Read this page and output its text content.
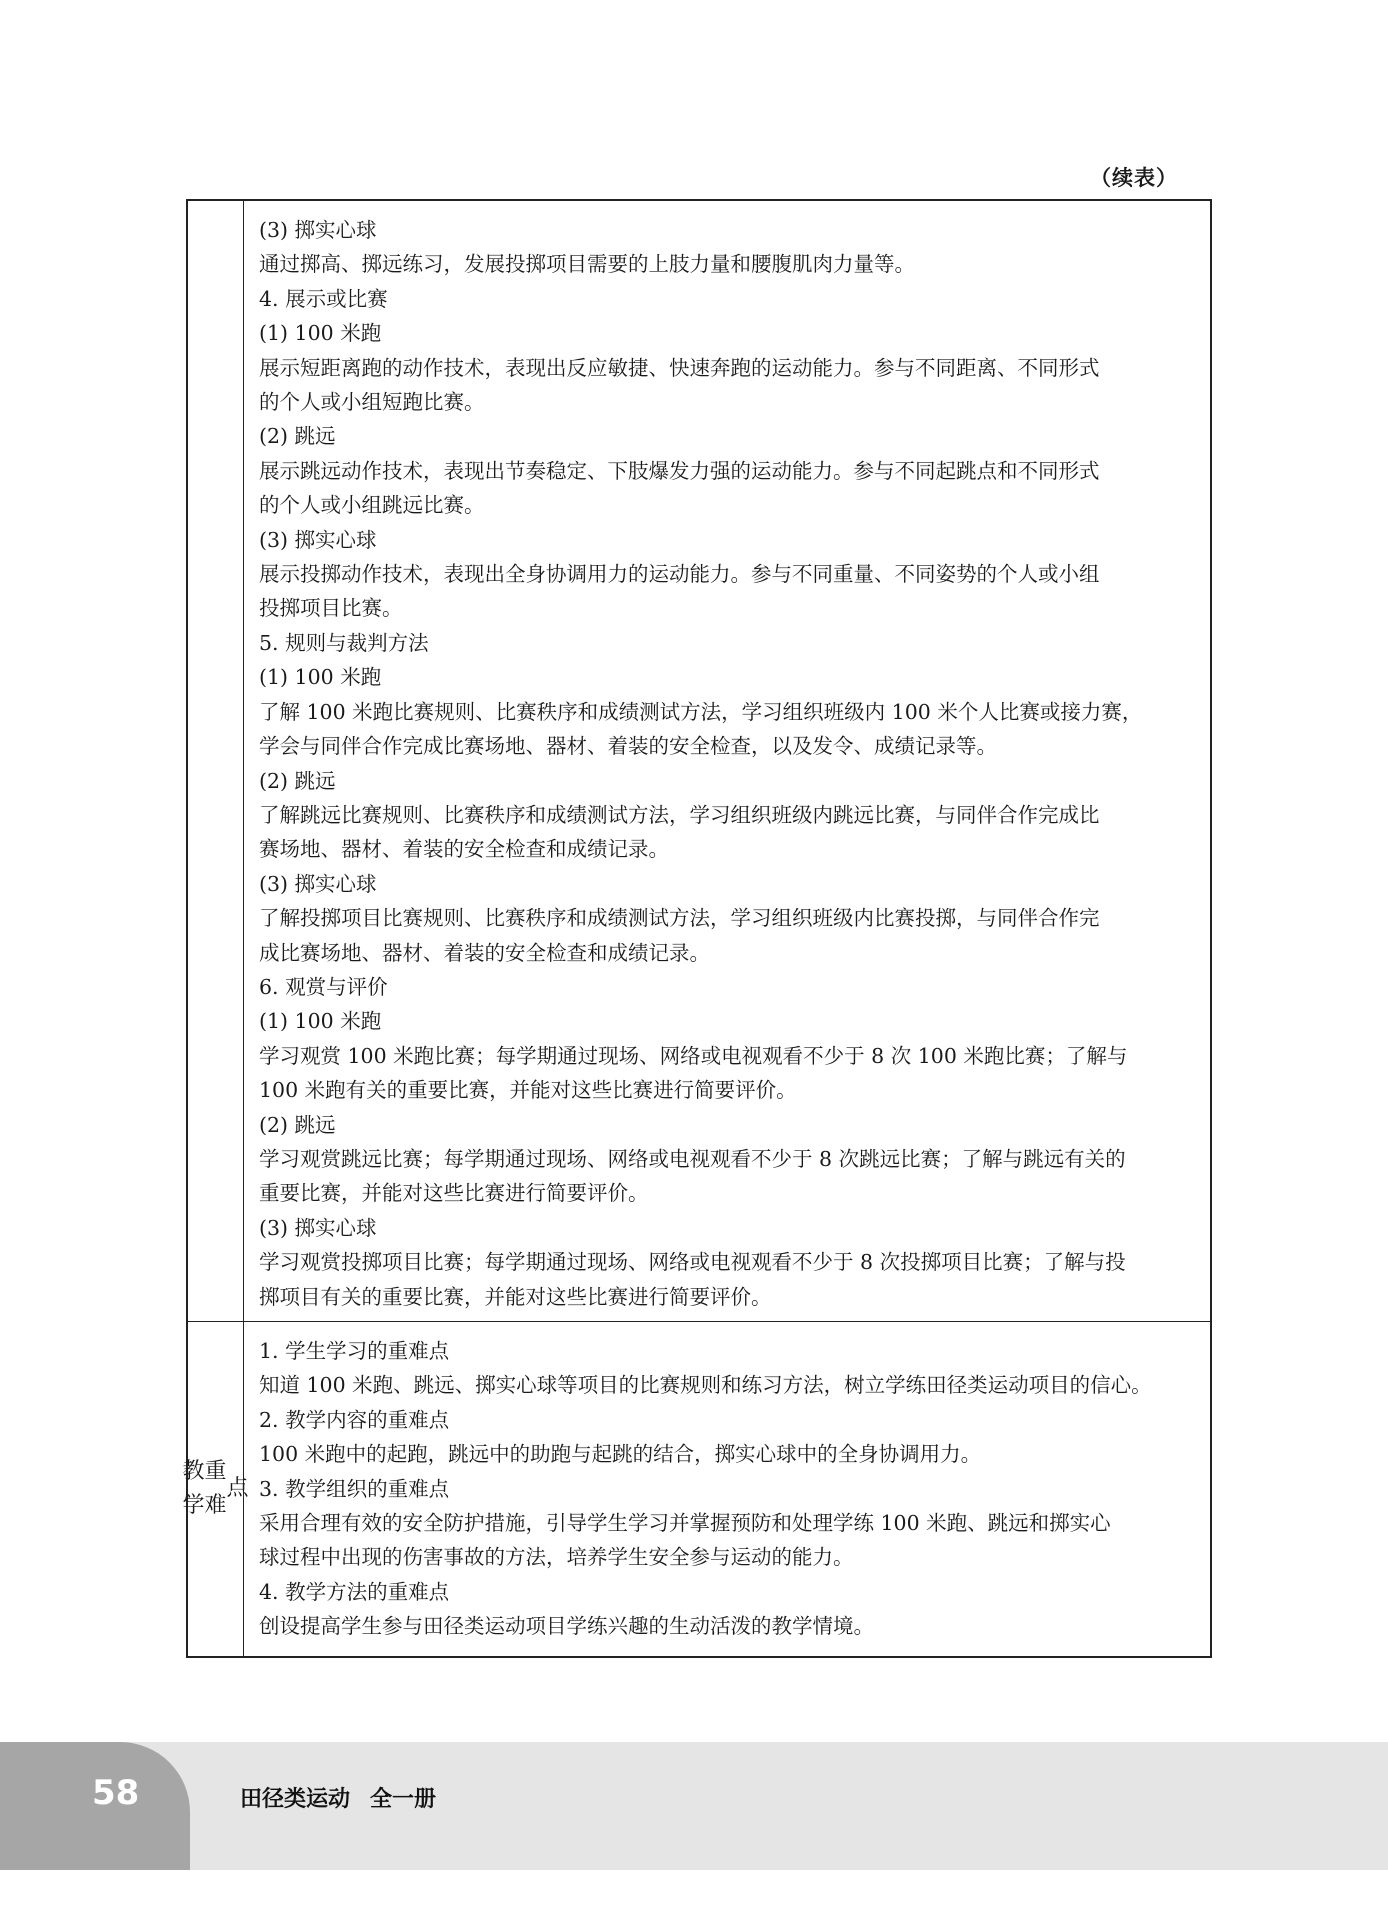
（续表）
(3) 掷实心球
通过掷高、掷远练习，发展投掷项目需要的上肢力量和腰腹肌肉力量等。
4. 展示或比赛
(1) 100 米跑
展示短距离跑的动作技术，表现出反应敏捷、快速奔跑的运动能力。参与不同距离、不同形式
的个人或小组短跑比赛。
(2) 跳远
展示跳远动作技术，表现出节奏稳定、下肢爆发力强的运动能力。参与不同起跳点和不同形式
的个人或小组跳远比赛。
(3) 掷实心球
展示投掷动作技术，表现出全身协调用力的运动能力。参与不同重量、不同姿势的个人或小组
投掷项目比赛。
5. 规则与裁判方法
(1) 100 米跑
了解 100 米跑比赛规则、比赛秩序和成绩测试方法，学习组织班级内 100 米个人比赛或接力赛，
学会与同伴合作完成比赛场地、器材、着装的安全检查，以及发令、成绩记录等。
(2) 跳远
了解跳远比赛规则、比赛秩序和成绩测试方法，学习组织班级内跳远比赛，与同伴合作完成比
赛场地、器材、着装的安全检查和成绩记录。
(3) 掷实心球
了解投掷项目比赛规则、比赛秩序和成绩测试方法，学习组织班级内比赛投掷，与同伴合作完
成比赛场地、器材、着装的安全检查和成绩记录。
6. 观赏与评价
(1) 100 米跑
学习观赏 100 米跑比赛；每学期通过现场、网络或电视观看不少于 8 次 100 米跑比赛；了解与
100 米跑有关的重要比赛，并能对这些比赛进行简要评价。
(2) 跳远
学习观赏跳远比赛；每学期通过现场、网络或电视观看不少于 8 次跳远比赛；了解与跳远有关的
重要比赛，并能对这些比赛进行简要评价。
(3) 掷实心球
学习观赏投掷项目比赛；每学期通过现场、网络或电视观看不少于 8 次投掷项目比赛；了解与投
掷项目有关的重要比赛，并能对这些比赛进行简要评价。
教学
重难
点
1. 学生学习的重难点
知道 100 米跑、跳远、掷实心球等项目的比赛规则和练习方法，树立学练田径类运动项目的信心。
2. 教学内容的重难点
100 米跑中的起跑，跳远中的助跑与起跳的结合，掷实心球中的全身协调用力。
3. 教学组织的重难点
采用合理有效的安全防护措施，引导学生学习并掌握预防和处理学练 100 米跑、跳远和掷实心
球过程中出现的伤害事故的方法，培养学生安全参与运动的能力。
4. 教学方法的重难点
创设提高学生参与田径类运动项目学练兴趣的生动活泼的教学情境。
58	田径类运动 全一册
